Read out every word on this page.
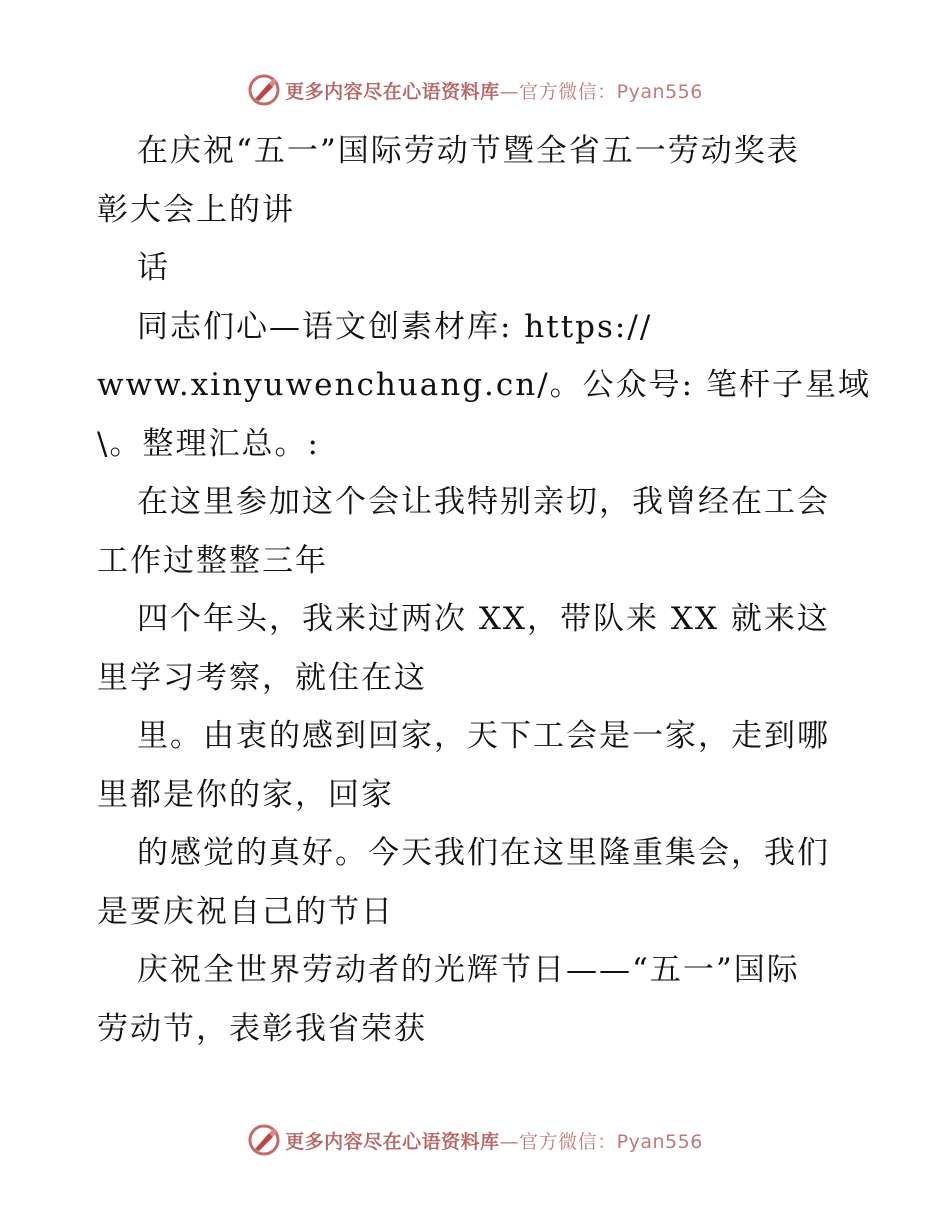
更多内容尽在心语资料库—官方微信：Pyan556
在庆祝“五一”国际劳动节暨全省五一劳动奖表
彰大会上的讲
话
同志们心—语文创素材库: https://
www.xinyuwenchuang.cn/。公众号: 笔杆子星域
\。整理汇总。:
在这里参加这个会让我特别亲切，我曾经在工会
工作过整整三年
四个年头，我来过两次 XX，带队来 XX 就来这
里学习考察，就住在这
里。由衷的感到回家，天下工会是一家，走到哪
里都是你的家，回家
的感觉的真好。今天我们在这里隆重集会，我们
是要庆祝自己的节日
庆祝全世界劳动者的光辉节日——“五一”国际
劳动节，表彰我省荣获
更多内容尽在心语资料库—官方微信：Pyan556
